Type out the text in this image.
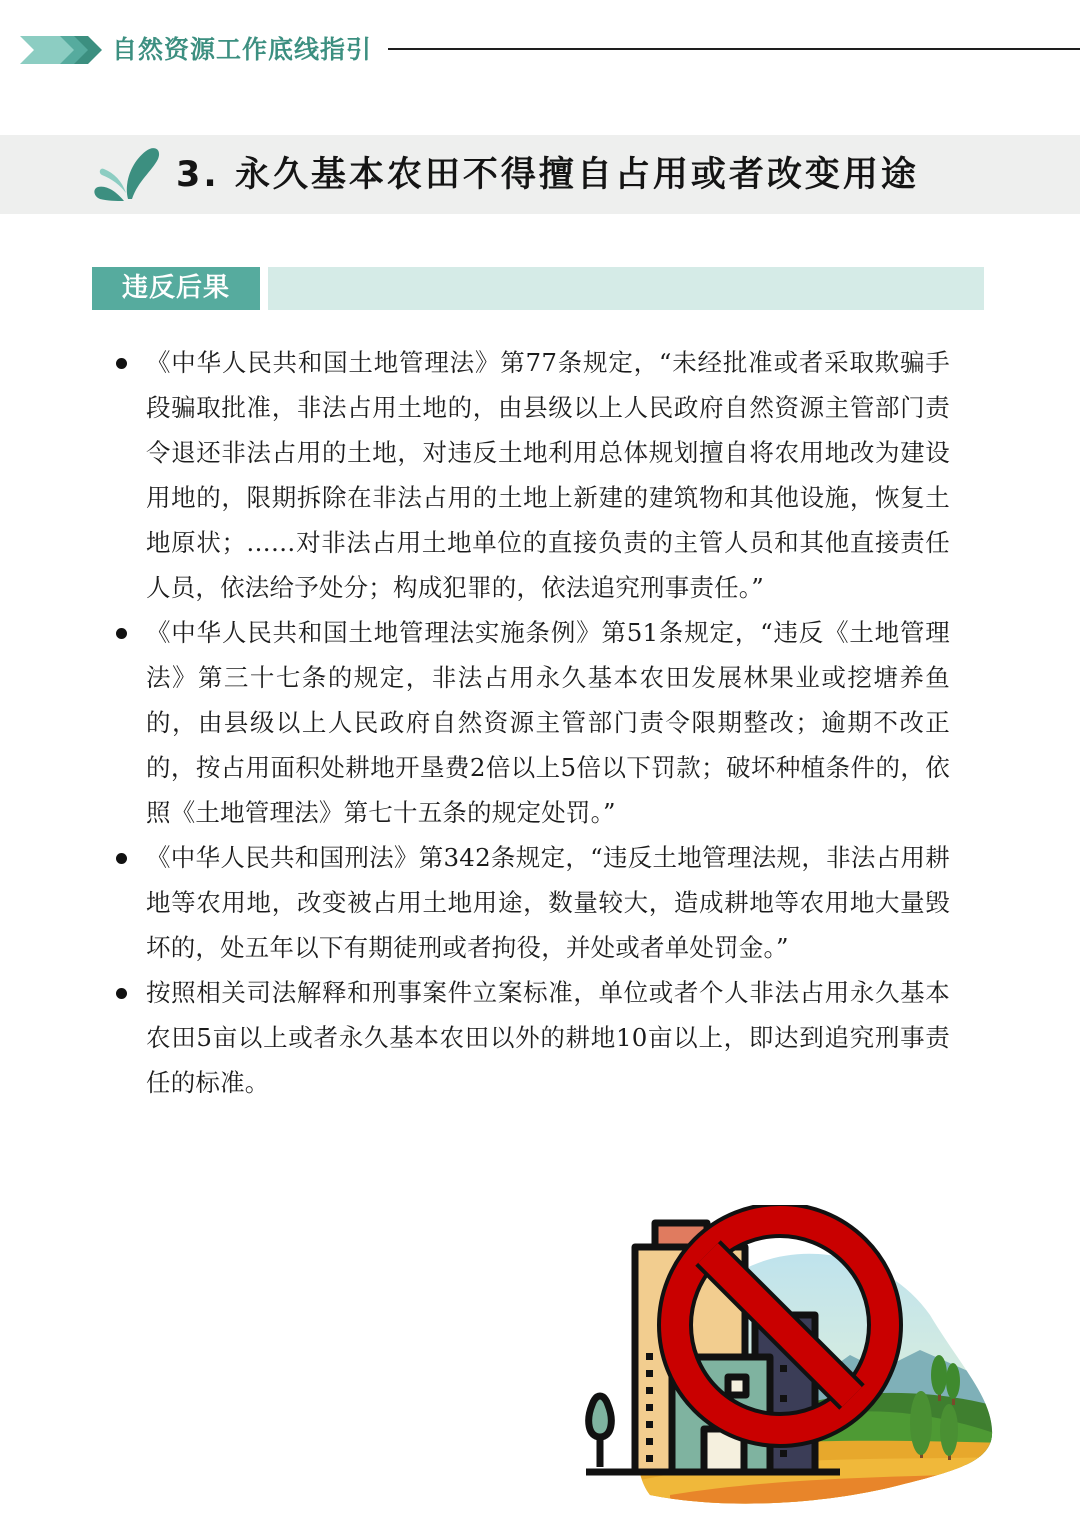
自然资源工作底线指引
3. 永久基本农田不得擅自占用或者改变用途
违反后果
《中华人民共和国土地管理法》第77条规定，“未经批准或者采取欺骗手段骗取批准，非法占用土地的，由县级以上人民政府自然资源主管部门责令退还非法占用的土地，对违反土地利用总体规划擅自将农用地改为建设用地的，限期拆除在非法占用的土地上新建的建筑物和其他设施，恢复土地原状；……对非法占用土地单位的直接负责的主管人员和其他直接责任人员，依法给予处分；构成犯罪的，依法追究刑事责任。”
《中华人民共和国土地管理法实施条例》第51条规定，“违反《土地管理法》第三十七条的规定，非法占用永久基本农田发展林果业或挖塘养鱼的，由县级以上人民政府自然资源主管部门责令限期整改；逾期不改正的，按占用面积处耕地开垦费2倍以上5倍以下罚款；破坏种植条件的，依照《土地管理法》第七十五条的规定处罚。”
《中华人民共和国刑法》第342条规定，“违反土地管理法规，非法占用耕地等农用地，改变被占用土地用途，数量较大，造成耕地等农用地大量毁坏的，处五年以下有期徒刑或者拘役，并处或者单处罚金。”
按照相关司法解释和刑事案件立案标准，单位或者个人非法占用永久基本农田5亩以上或者永久基本农田以外的耕地10亩以上，即达到追究刑事责任的标准。
